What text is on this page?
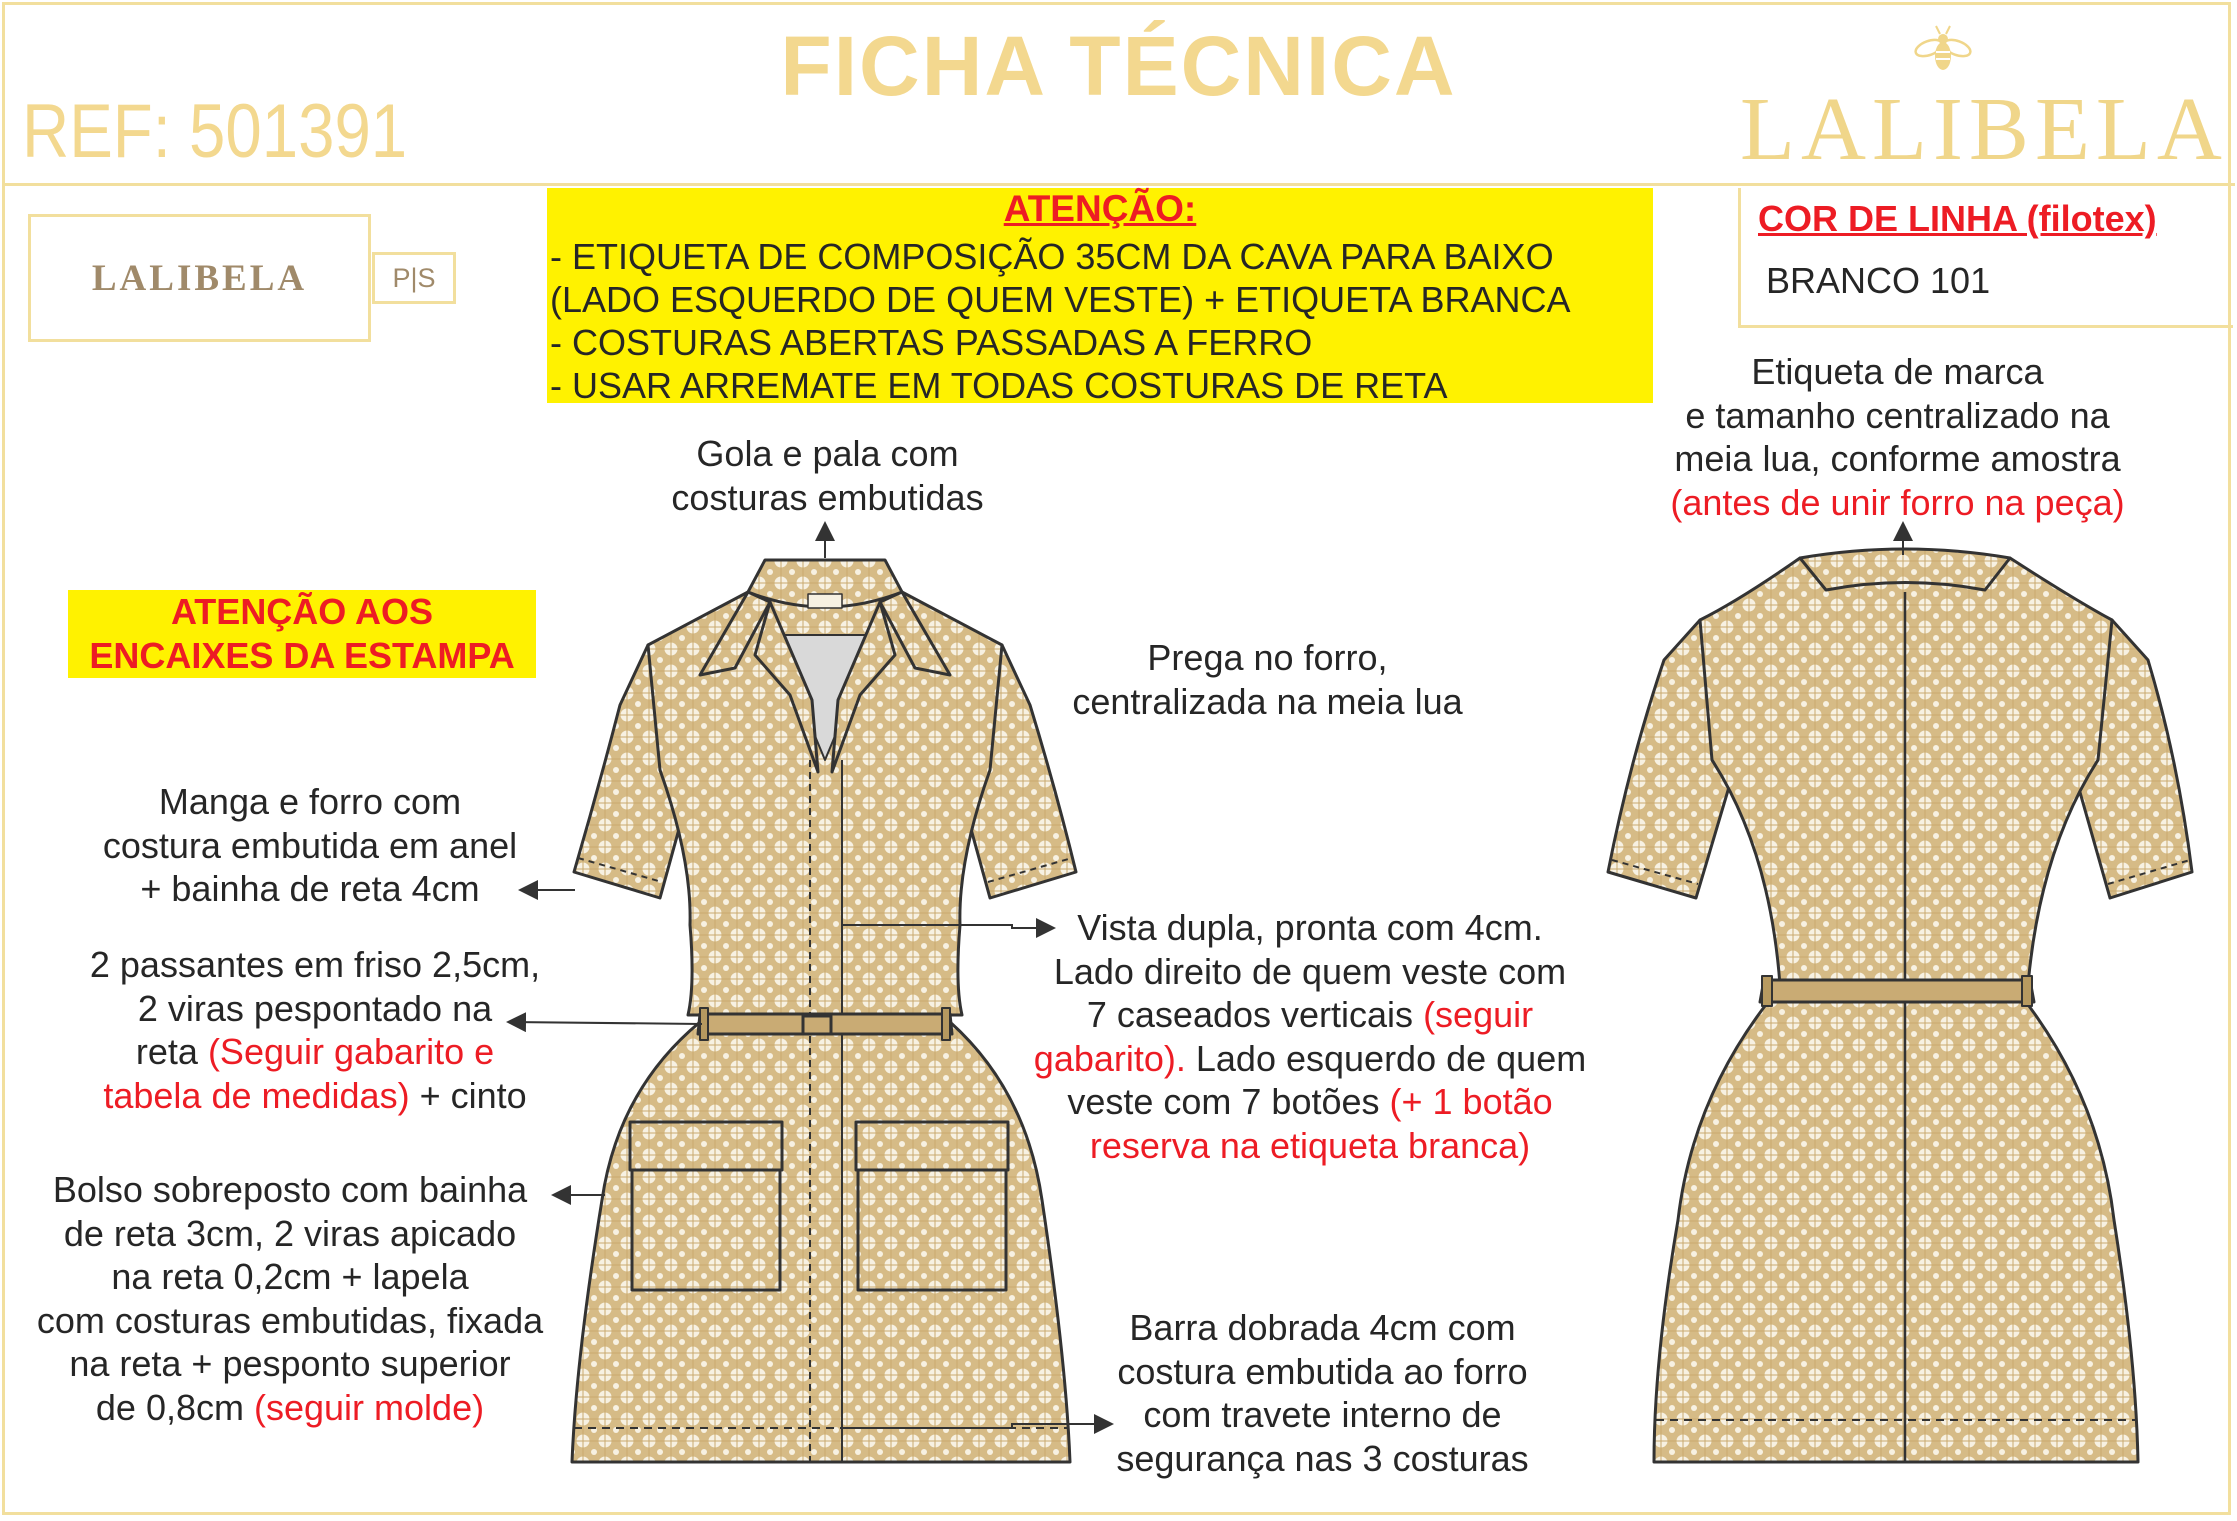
FICHA TÉCNICA
REF: 501391	LALIBELA
LALIBELA	P|S
ATENÇÃO:
- ETIQUETA DE COMPOSIÇÃO 35CM DA CAVA PARA BAIXO
(LADO ESQUERDO DE QUEM VESTE) + ETIQUETA BRANCA
- COSTURAS ABERTAS PASSADAS A FERRO
- USAR ARREMATE EM TODAS COSTURAS DE RETA
COR DE LINHA (filotex)
BRANCO 101
ATENÇÃO AOS
ENCAIXES DA ESTAMPA
Gola e pala com
costuras embutidas
Prega no forro,
centralizada na meia lua
Etiqueta de marca
e tamanho centralizado na
meia lua, conforme amostra
(antes de unir forro na peça)
Manga e forro com
costura embutida em anel
+ bainha de reta 4cm
2 passantes em friso 2,5cm,
2 viras pespontado na
reta (Seguir gabarito e
tabela de medidas) + cinto
Bolso sobreposto com bainha
de reta 3cm, 2 viras apicado
na reta 0,2cm + lapela
com costuras embutidas, fixada
na reta + pesponto superior
de 0,8cm (seguir molde)
Vista dupla, pronta com 4cm.
Lado direito de quem veste com
7 caseados verticais (seguir
gabarito). Lado esquerdo de quem
veste com 7 botões (+ 1 botão
reserva na etiqueta branca)
Barra dobrada 4cm com
costura embutida ao forro
com travete interno de
segurança nas 3 costuras
